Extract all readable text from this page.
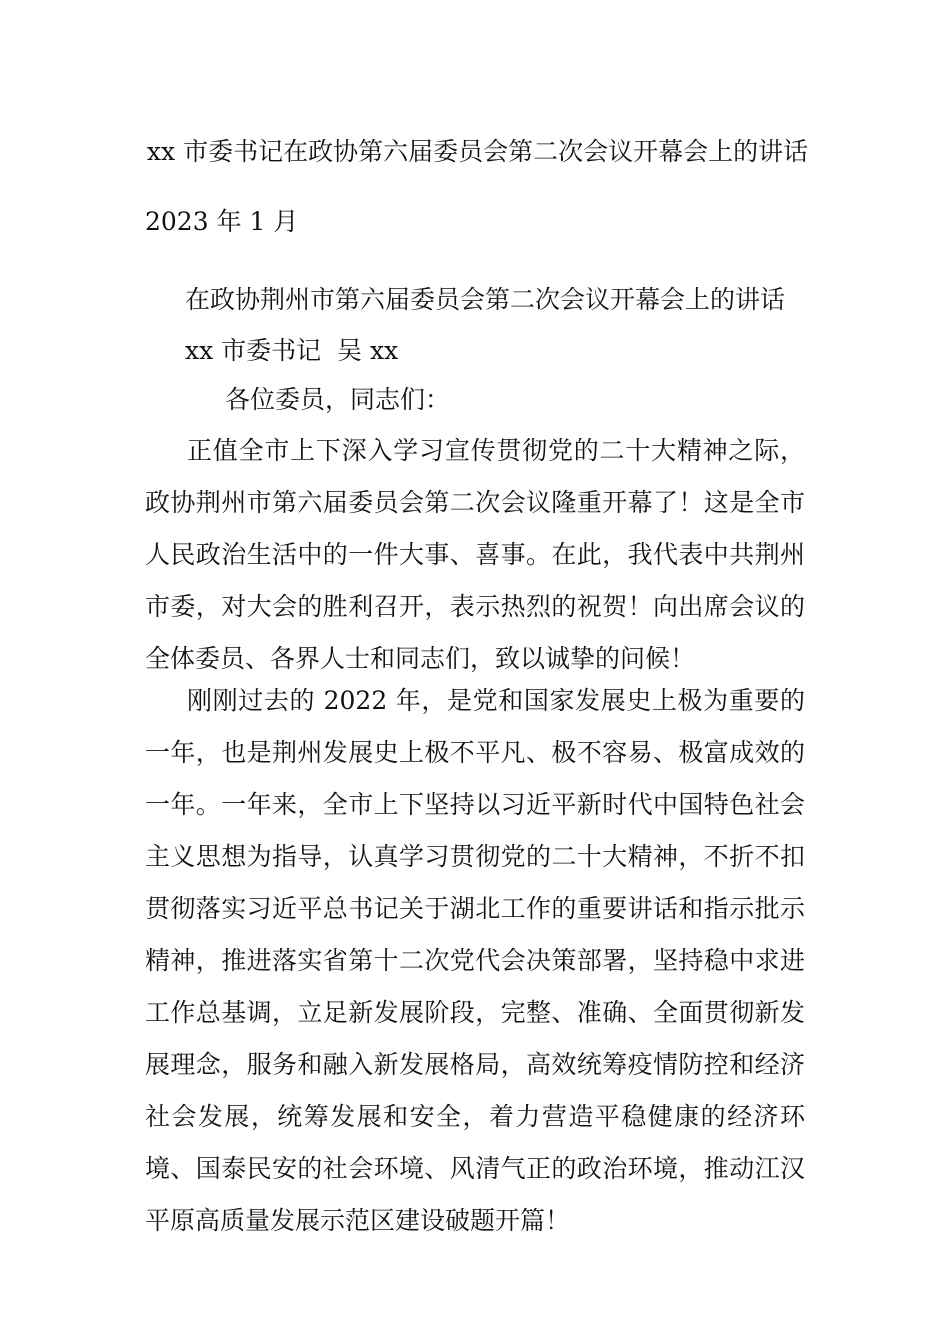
xx 市委书记在政协第六届委员会第二次会议开幕会上的讲话

2023 年 1 月

在政协荆州市第六届委员会第二次会议开幕会上的讲话

xx 市委书记  吴 xx

各位委员，同志们：

正值全市上下深入学习宣传贯彻党的二十大精神之际，政协荆州市第六届委员会第二次会议隆重开幕了！这是全市人民政治生活中的一件大事、喜事。在此，我代表中共荆州市委，对大会的胜利召开，表示热烈的祝贺！向出席会议的全体委员、各界人士和同志们，致以诚挚的问候！

刚刚过去的 2022 年，是党和国家发展史上极为重要的一年，也是荆州发展史上极不平凡、极不容易、极富成效的一年。一年来，全市上下坚持以习近平新时代中国特色社会主义思想为指导，认真学习贯彻党的二十大精神，不折不扣贯彻落实习近平总书记关于湖北工作的重要讲话和指示批示精神，推进落实省第十二次党代会决策部署，坚持稳中求进工作总基调，立足新发展阶段，完整、准确、全面贯彻新发展理念，服务和融入新发展格局，高效统筹疫情防控和经济社会发展，统筹发展和安全，着力营造平稳健康的经济环境、国泰民安的社会环境、风清气正的政治环境，推动江汉平原高质量发展示范区建设破题开篇！
